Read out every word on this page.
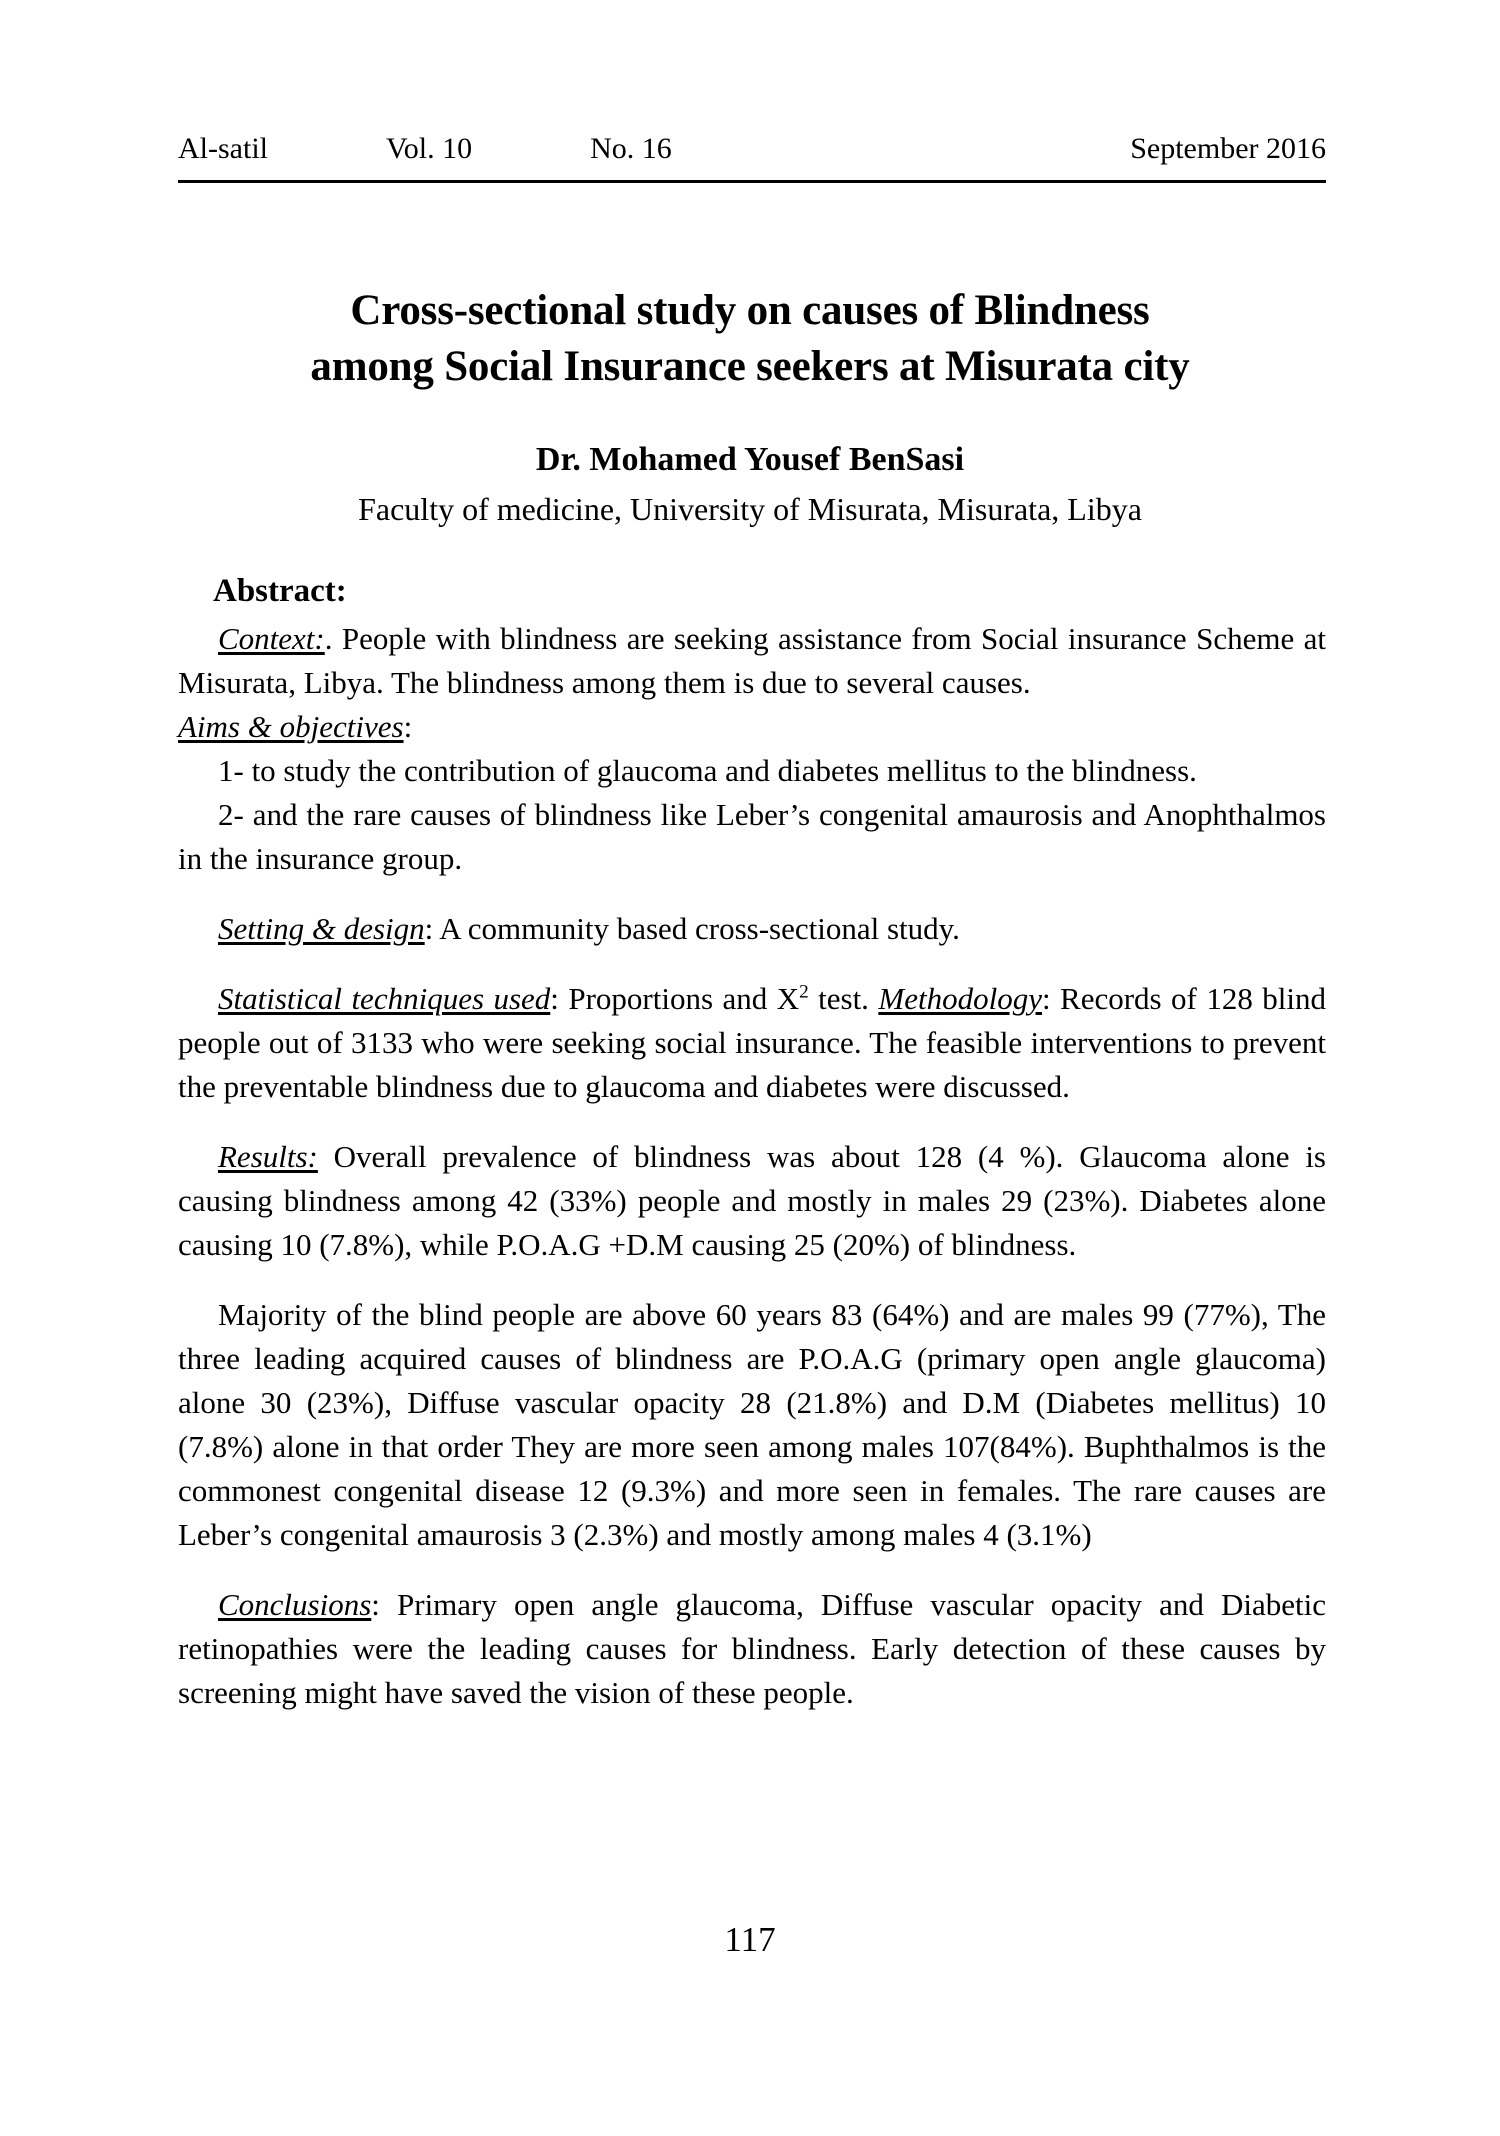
Al-satil	Vol. 10	No. 16	September 2016
Cross-sectional study on causes of Blindness
among Social Insurance seekers at Misurata city
Dr. Mohamed Yousef BenSasi
Faculty of medicine, University of Misurata, Misurata, Libya
Abstract:

Context:. People with blindness are seeking assistance from Social insurance Scheme at Misurata, Libya. The blindness among them is due to several causes.

Aims & objectives:

1- to study the contribution of glaucoma and diabetes mellitus to the blindness.

2- and the rare causes of blindness like Leber’s congenital amaurosis and Anophthalmos in the insurance group.

Setting & design: A community based cross-sectional study.

Statistical techniques used: Proportions and $X^2$ test. Methodology: Records of 128 blind people out of 3133 who were seeking social insurance. The feasible interventions to prevent the preventable blindness due to glaucoma and diabetes were discussed.

Results: Overall prevalence of blindness was about 128 (4 %). Glaucoma alone is causing blindness among 42 (33%) people and mostly in males 29 (23%). Diabetes alone causing 10 (7.8%), while P.O.A.G +D.M causing 25 (20%) of blindness.

Majority of the blind people are above 60 years 83 (64%) and are males 99 (77%), The three leading acquired causes of blindness are P.O.A.G (primary open angle glaucoma) alone 30 (23%), Diffuse vascular opacity 28 (21.8%) and D.M (Diabetes mellitus) 10 (7.8%) alone in that order They are more seen among males 107(84%). Buphthalmos is the commonest congenital disease 12 (9.3%) and more seen in females. The rare causes are Leber’s congenital amaurosis 3 (2.3%) and mostly among males 4 (3.1%)

Conclusions: Primary open angle glaucoma, Diffuse vascular opacity and Diabetic retinopathies were the leading causes for blindness. Early detection of these causes by screening might have saved the vision of these people.

117
